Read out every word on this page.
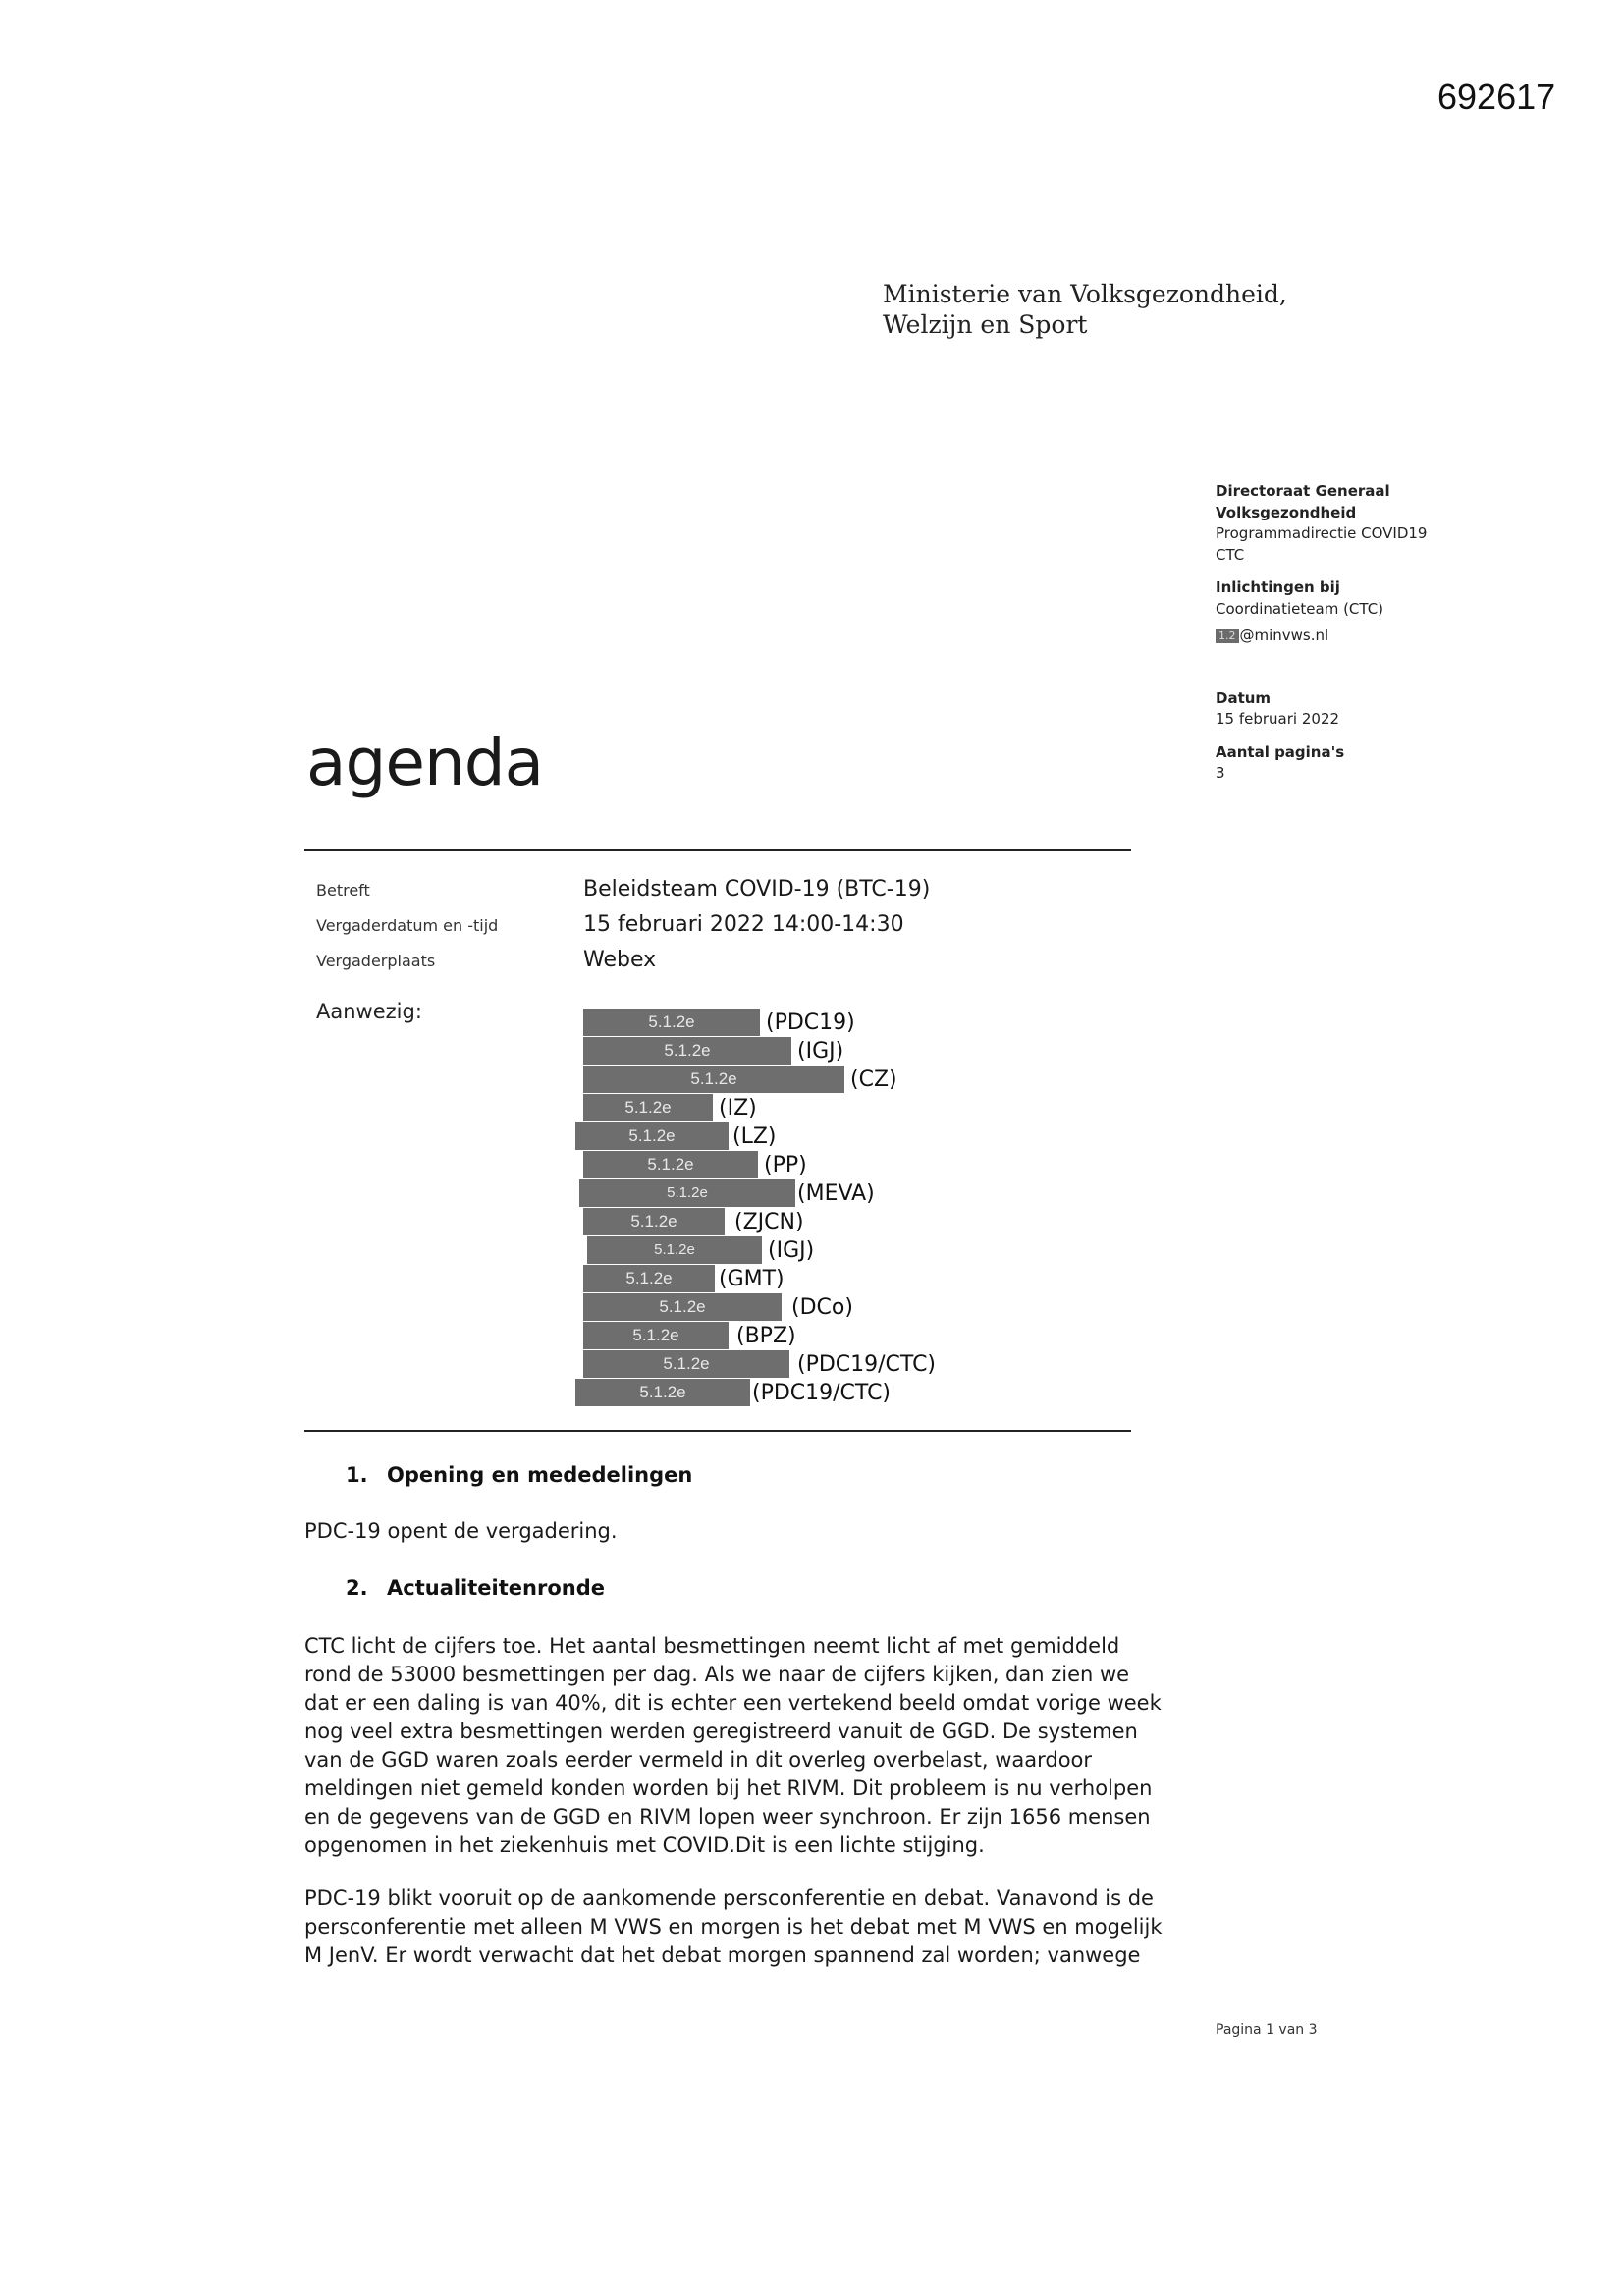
692617
Ministerie van Volksgezondheid,
Welzijn en Sport
Directoraat Generaal
Volksgezondheid
Programmadirectie COVID19
CTC
Inlichtingen bij
Coordinatieteam (CTC)
1.2 @minvws.nl
Datum
15 februari 2022
Aantal pagina's
3
agenda
Betreft	Beleidsteam COVID-19 (BTC-19)
Vergaderdatum en -tijd	15 februari 2022 14:00-14:30
Vergaderplaats	Webex
Aanwezig:	5.1.2e	(PDC19)
5.1.2e	(IGJ)
5.1.2e	(CZ)
5.1.2e	(IZ)
5.1.2e	(LZ)
5.1.2e	(PP)
5.1.2e	(MEVA)
5.1.2e	(ZJCN)
5.1.2e	(IGJ)
5.1.2e	(GMT)
5.1.2e	(DCo)
5.1.2e	(BPZ)
5.1.2e	(PDC19/CTC)
5.1.2e	(PDC19/CTC)
1. Opening en mededelingen
PDC-19 opent de vergadering.
2. Actualiteitenronde
CTC licht de cijfers toe. Het aantal besmettingen neemt licht af met gemiddeld
rond de 53000 besmettingen per dag. Als we naar de cijfers kijken, dan zien we
dat er een daling is van 40%, dit is echter een vertekend beeld omdat vorige week
nog veel extra besmettingen werden geregistreerd vanuit de GGD. De systemen
van de GGD waren zoals eerder vermeld in dit overleg overbelast, waardoor
meldingen niet gemeld konden worden bij het RIVM. Dit probleem is nu verholpen
en de gegevens van de GGD en RIVM lopen weer synchroon. Er zijn 1656 mensen
opgenomen in het ziekenhuis met COVID.Dit is een lichte stijging.
PDC-19 blikt vooruit op de aankomende persconferentie en debat. Vanavond is de
persconferentie met alleen M VWS en morgen is het debat met M VWS en mogelijk
M JenV. Er wordt verwacht dat het debat morgen spannend zal worden; vanwege
Pagina 1 van 3
